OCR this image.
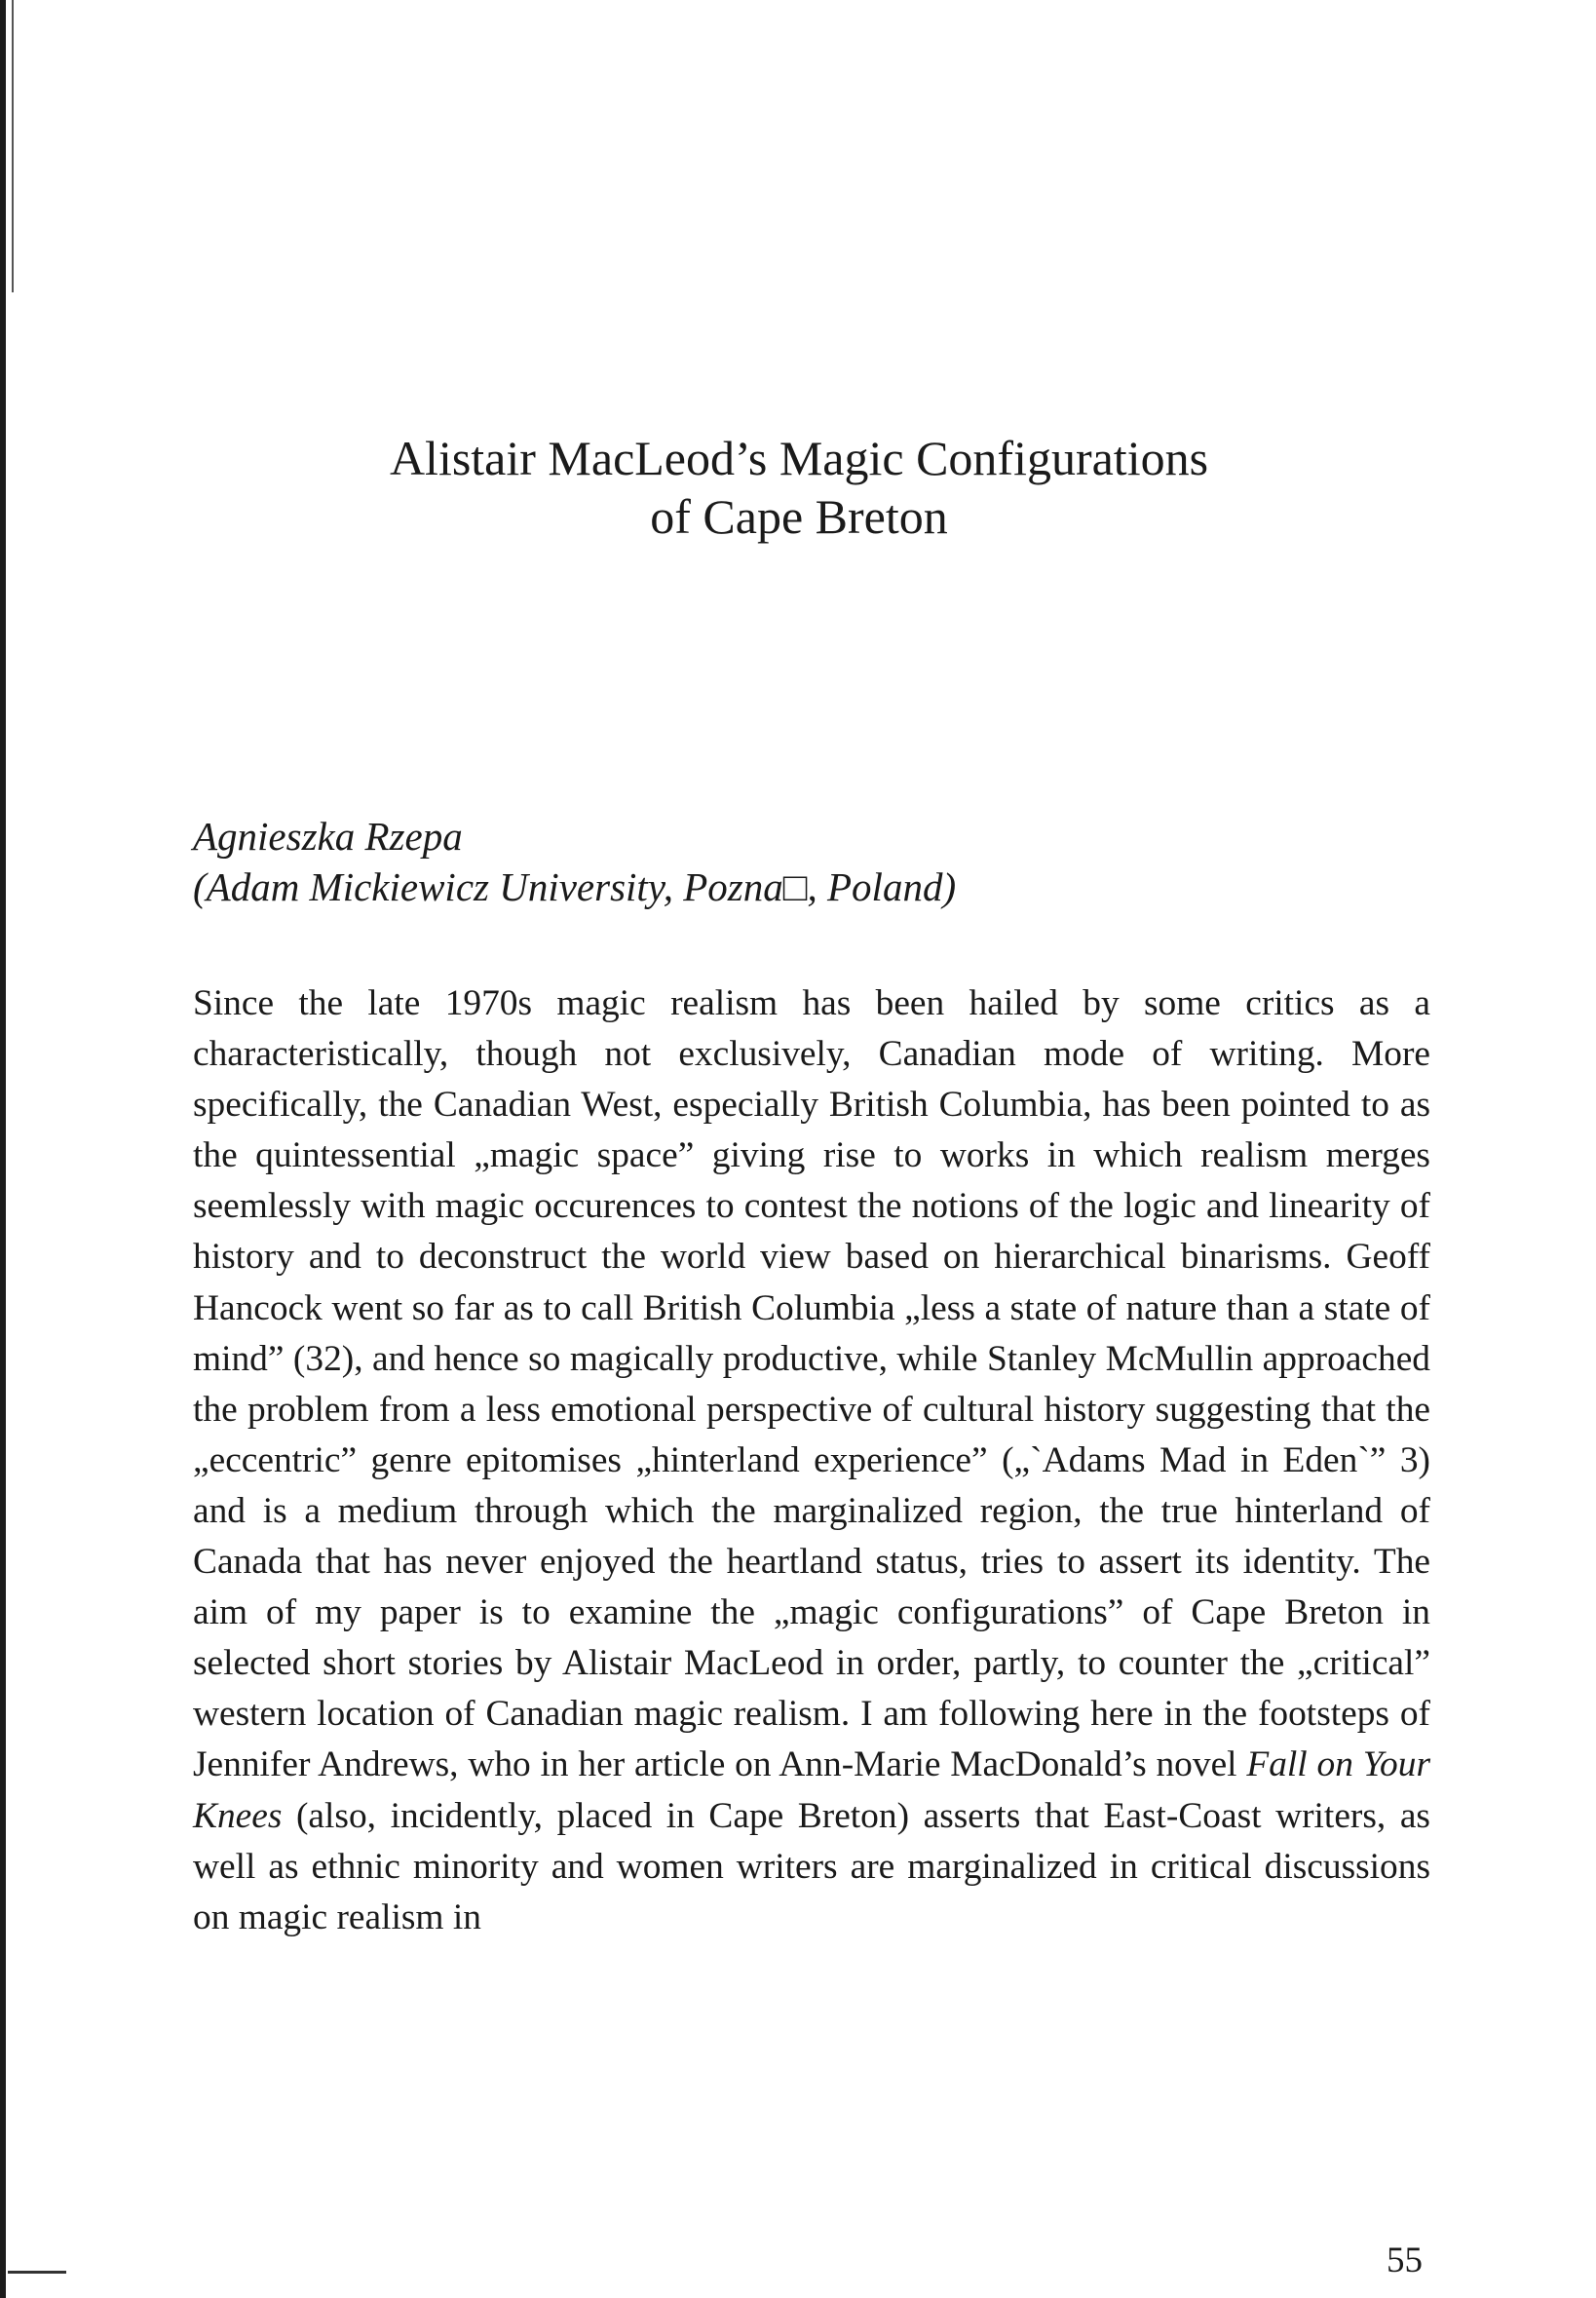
Alistair MacLeod’s Magic Configurations
of Cape Breton
Agnieszka Rzepa
(Adam Mickiewicz University, Pozna□, Poland)

Since the late 1970s magic realism has been hailed by some critics as a characteristically, though not exclusively, Canadian mode of writing. More specifically, the Canadian West, especially British Columbia, has been pointed to as the quintessential „magic space” giving rise to works in which realism merges seemlessly with magic occurences to contest the notions of the logic and linearity of history and to deconstruct the world view based on hierarchical binarisms. Geoff Hancock went so far as to call British Columbia „less a state of nature than a state of mind” (32), and hence so magically productive, while Stanley McMullin approached the problem from a less emotional perspective of cultural history suggesting that the „eccentric” genre epitomises „hinterland experience” („`Adams Mad in Eden`” 3) and is a medium through which the marginalized region, the true hinterland of Canada that has never enjoyed the heartland status, tries to assert its identity. The aim of my paper is to examine the „magic configurations” of Cape Breton in selected short stories by Alistair MacLeod in order, partly, to counter the „critical” western location of Canadian magic realism. I am following here in the footsteps of Jennifer Andrews, who in her article on Ann-Marie MacDonald’s novel Fall on Your Knees (also, incidently, placed in Cape Breton) asserts that East-Coast writers, as well as ethnic minority and women writers are marginalized in critical discussions on magic realism in

55
